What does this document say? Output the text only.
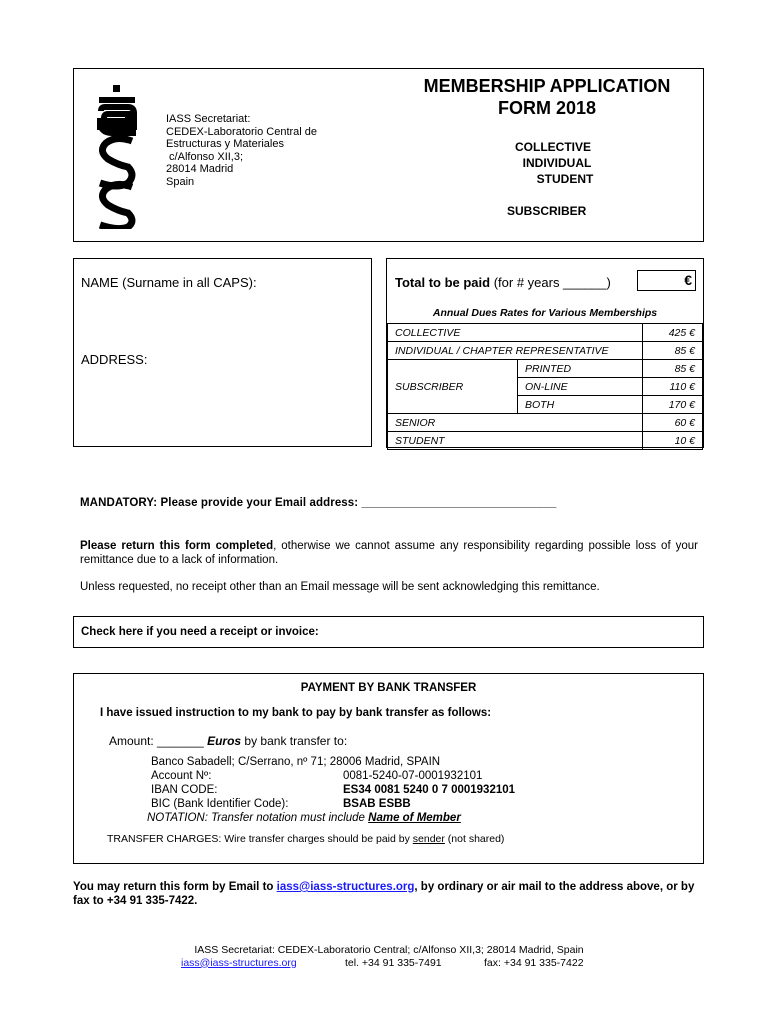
IASS Secretariat:
CEDEX-Laboratorio Central de
Estructuras y Materiales
c/Alfonso XII,3;
28014 Madrid
Spain
MEMBERSHIP APPLICATION
FORM 2018
COLLECTIVE
INDIVIDUAL
STUDENT
SUBSCRIBER
NAME (Surname in all CAPS):
ADDRESS:
Total to be paid (for # years ______)	€
Annual Dues Rates for Various Memberships
COLLECTIVE		425 €
INDIVIDUAL / CHAPTER REPRESENTATIVE		85 €
SUBSCRIBER	PRINTED	85 €
	ON-LINE	110 €
	BOTH	170 €
SENIOR		60 €
STUDENT		10 €
MANDATORY: Please provide your Email address: ______________________________
Please return this form completed, otherwise we cannot assume any responsibility regarding possible loss of your remittance due to a lack of information.
Unless requested, no receipt other than an Email message will be sent acknowledging this remittance.
Check here if you need a receipt or invoice:
PAYMENT BY BANK TRANSFER
I have issued instruction to my bank to pay by bank transfer as follows:
Amount: _______ Euros by bank transfer to:
Banco Sabadell; C/Serrano, nº 71; 28006 Madrid, SPAIN
Account Nº:	0081-5240-07-0001932101
IBAN CODE:	ES34 0081 5240 0 7 0001932101
BIC (Bank Identifier Code):	BSAB ESBB
NOTATION: Transfer notation must include Name of Member
TRANSFER CHARGES: Wire transfer charges should be paid by sender (not shared)
You may return this form by Email to iass@iass-structures.org, by ordinary or air mail to the address above, or by fax to +34 91 335-7422.
IASS Secretariat: CEDEX-Laboratorio Central; c/Alfonso XII,3; 28014 Madrid, Spain
iass@iass-structures.org	tel. +34 91 335-7491	fax: +34 91 335-7422
